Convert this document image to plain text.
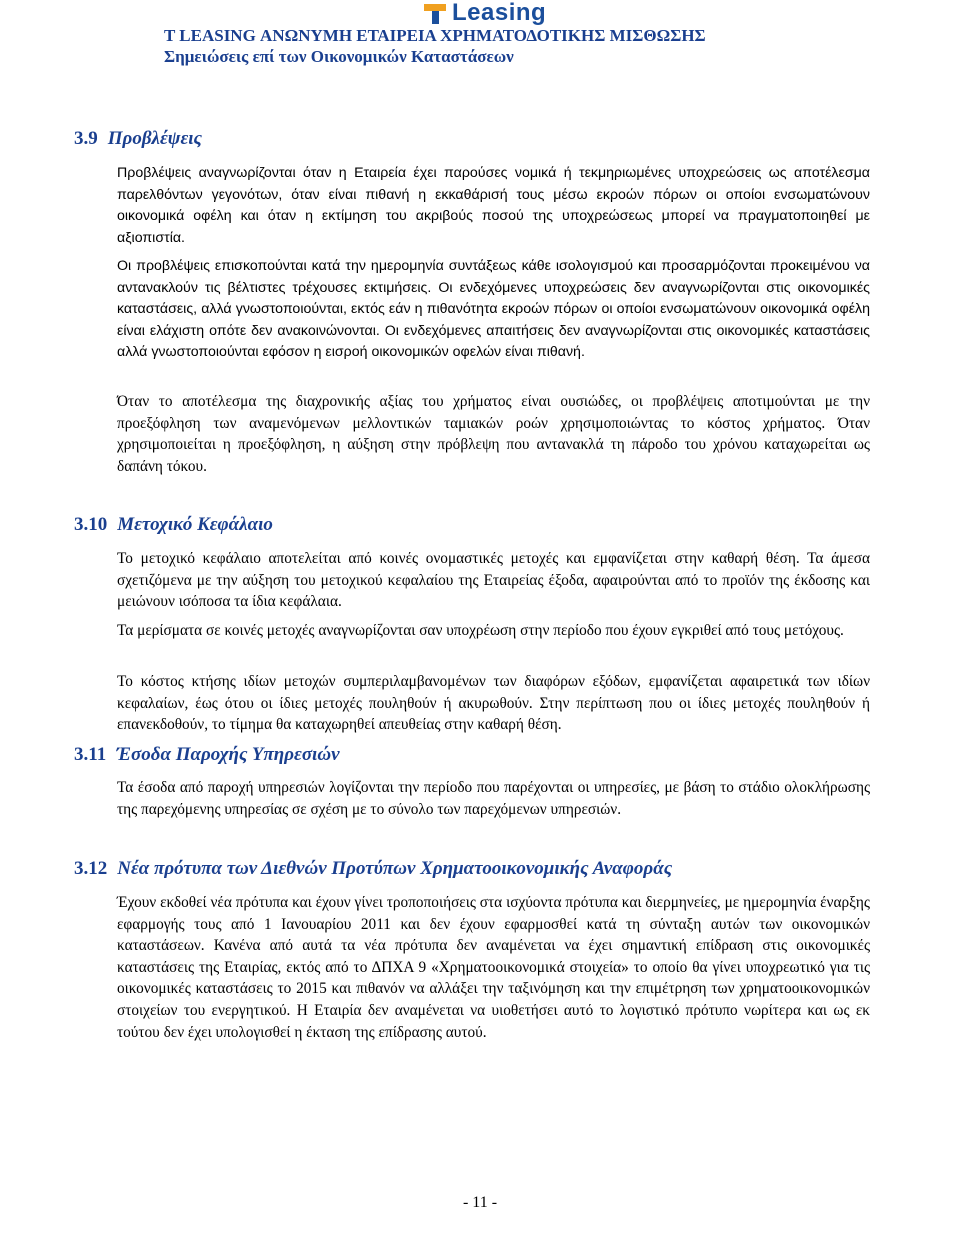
Leasing
T LEASING ΑΝΩΝΥΜΗ ΕΤΑΙΡΕΙΑ ΧΡΗΜΑΤΟΔΟΤΙΚΗΣ ΜΙΣΘΩΣΗΣ
Σημειώσεις επί των Οικονομικών Καταστάσεων
3.9 Προβλέψεις
Προβλέψεις αναγνωρίζονται όταν η Εταιρεία έχει παρούσες νομικά ή τεκμηριωμένες υποχρεώσεις ως αποτέλεσμα παρελθόντων γεγονότων, όταν είναι πιθανή η εκκαθάρισή τους μέσω εκροών πόρων οι οποίοι ενσωματώνουν οικονομικά οφέλη και όταν η εκτίμηση του ακριβούς ποσού της υποχρεώσεως μπορεί να πραγματοποιηθεί με αξιοπιστία.
Οι προβλέψεις επισκοπούνται κατά την ημερομηνία συντάξεως κάθε ισολογισμού και προσαρμόζονται προκειμένου να αντανακλούν τις βέλτιστες τρέχουσες εκτιμήσεις. Οι ενδεχόμενες υποχρεώσεις δεν αναγνωρίζονται στις οικονομικές καταστάσεις, αλλά γνωστοποιούνται, εκτός εάν η πιθανότητα εκροών πόρων οι οποίοι ενσωματώνουν οικονομικά οφέλη είναι ελάχιστη οπότε δεν ανακοινώνονται. Οι ενδεχόμενες απαιτήσεις δεν αναγνωρίζονται στις οικονομικές καταστάσεις αλλά γνωστοποιούνται εφόσον η εισροή οικονομικών οφελών είναι πιθανή.
Όταν το αποτέλεσμα της διαχρονικής αξίας του χρήματος είναι ουσιώδες, οι προβλέψεις αποτιμούνται με την προεξόφληση των αναμενόμενων μελλοντικών ταμιακών ροών χρησιμοποιώντας το κόστος χρήματος. Όταν χρησιμοποιείται η προεξόφληση, η αύξηση στην πρόβλεψη που αντανακλά τη πάροδο του χρόνου καταχωρείται ως δαπάνη τόκου.
3.10 Μετοχικό Κεφάλαιο
Το μετοχικό κεφάλαιο αποτελείται από κοινές ονομαστικές μετοχές και εμφανίζεται στην καθαρή θέση. Τα άμεσα σχετιζόμενα με την αύξηση του μετοχικού κεφαλαίου της Εταιρείας έξοδα, αφαιρούνται από το προϊόν της έκδοσης και μειώνουν ισόποσα τα ίδια κεφάλαια.
Τα μερίσματα σε κοινές μετοχές αναγνωρίζονται σαν υποχρέωση στην περίοδο που έχουν εγκριθεί από τους μετόχους.
Το κόστος κτήσης ιδίων μετοχών συμπεριλαμβανομένων των διαφόρων εξόδων, εμφανίζεται αφαιρετικά των ιδίων κεφαλαίων, έως ότου οι ίδιες μετοχές πουληθούν ή ακυρωθούν. Στην περίπτωση που οι ίδιες μετοχές πουληθούν ή επανεκδοθούν, το τίμημα θα καταχωρηθεί απευθείας στην καθαρή θέση.
3.11 Έσοδα Παροχής Υπηρεσιών
Τα έσοδα από παροχή υπηρεσιών λογίζονται την περίοδο που παρέχονται οι υπηρεσίες, με βάση το στάδιο ολοκλήρωσης της παρεχόμενης υπηρεσίας σε σχέση με το σύνολο των παρεχόμενων υπηρεσιών.
3.12 Νέα πρότυπα των Διεθνών Προτύπων Χρηματοοικονομικής Αναφοράς
Έχουν εκδοθεί νέα πρότυπα και έχουν γίνει τροποποιήσεις στα ισχύοντα πρότυπα και διερμηνείες, με ημερομηνία έναρξης εφαρμογής τους από 1 Ιανουαρίου 2011 και δεν έχουν εφαρμοσθεί κατά τη σύνταξη αυτών των οικονομικών καταστάσεων. Κανένα από αυτά τα νέα πρότυπα δεν αναμένεται να έχει σημαντική επίδραση στις οικονομικές καταστάσεις της Εταιρίας, εκτός από το ΔΠΧΑ 9 «Χρηματοοικονομικά στοιχεία» το οποίο θα γίνει υποχρεωτικό για τις οικονομικές καταστάσεις το 2015 και πιθανόν να αλλάξει την ταξινόμηση και την επιμέτρηση των χρηματοοικονομικών στοιχείων του ενεργητικού. Η Εταιρία δεν αναμένεται να υιοθετήσει αυτό το λογιστικό πρότυπο νωρίτερα και ως εκ τούτου δεν έχει υπολογισθεί η έκταση της επίδρασης αυτού.
- 11 -
